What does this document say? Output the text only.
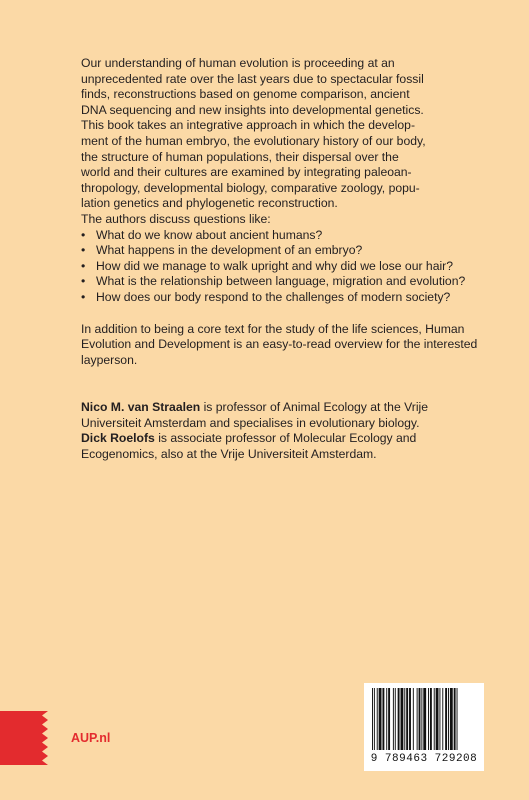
Our understanding of human evolution is proceeding at an
unprecedented rate over the last years due to spectacular fossil
finds, reconstructions based on genome comparison, ancient
DNA sequencing and new insights into developmental genetics.
This book takes an integrative approach in which the develop-
ment of the human embryo, the evolutionary history of our body,
the structure of human populations, their dispersal over the
world and their cultures are examined by integrating paleoan-
thropology, developmental biology, comparative zoology, popu-
lation genetics and phylogenetic reconstruction.
The authors discuss questions like:
• What do we know about ancient humans?
• What happens in the development of an embryo?
• How did we manage to walk upright and why did we lose our hair?
• What is the relationship between language, migration and evolution?
• How does our body respond to the challenges of modern society?

In addition to being a core text for the study of the life sciences, Human Evolution and Development is an easy-to-read overview for the interested layperson.

Nico M. van Straalen is professor of Animal Ecology at the Vrije Universiteit Amsterdam and specialises in evolutionary biology.

Dick Roelofs is associate professor of Molecular Ecology and Ecogenomics, also at the Vrije Universiteit Amsterdam.

AUP.nl
9 789463 729208
